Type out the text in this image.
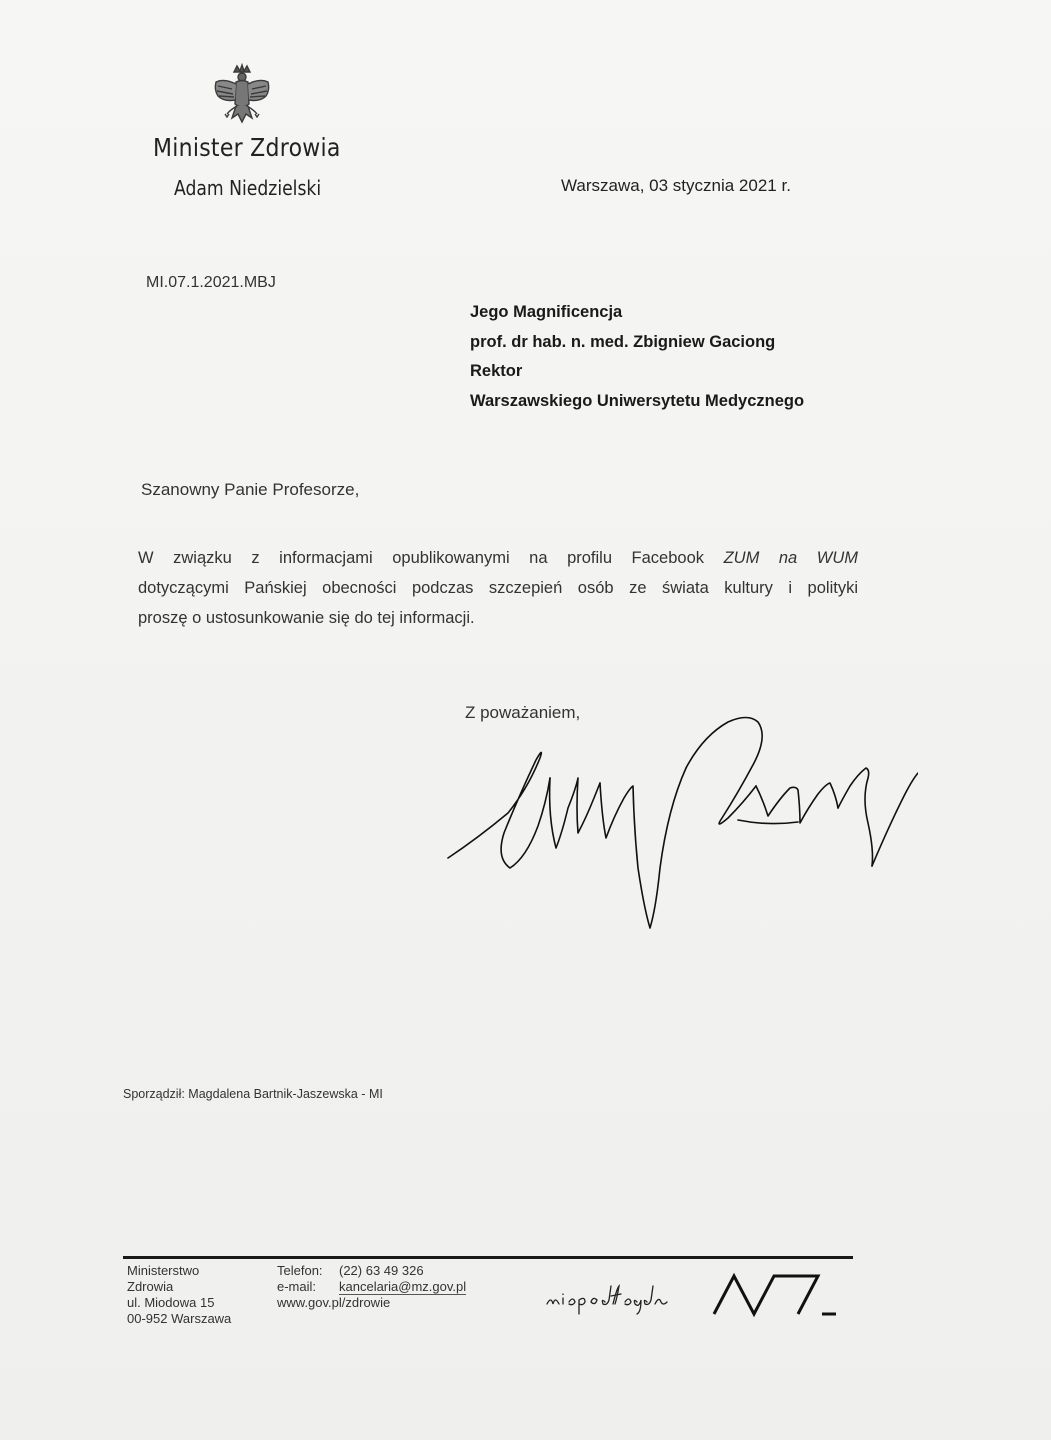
Minister Zdrowia
Adam Niedzielski	Warszawa, 03 stycznia 2021 r.
MI.07.1.2021.MBJ
Jego Magnificencja
prof. dr hab. n. med. Zbigniew Gaciong
Rektor
Warszawskiego Uniwersytetu Medycznego
Szanowny Panie Profesorze,
W związku z informacjami opublikowanymi na profilu Facebook ZUM na WUM
dotyczącymi Pańskiej obecności podczas szczepień osób ze świata kultury i polityki
proszę o ustosunkowanie się do tej informacji.
Z poważaniem,
Sporządził: Magdalena Bartnik-Jaszewska - MI
Ministerstwo
Zdrowia
ul. Miodowa 15
00-952 Warszawa
Telefon: (22) 63 49 326
e-mail: kancelaria@mz.gov.pl
www.gov.pl/zdrowie
